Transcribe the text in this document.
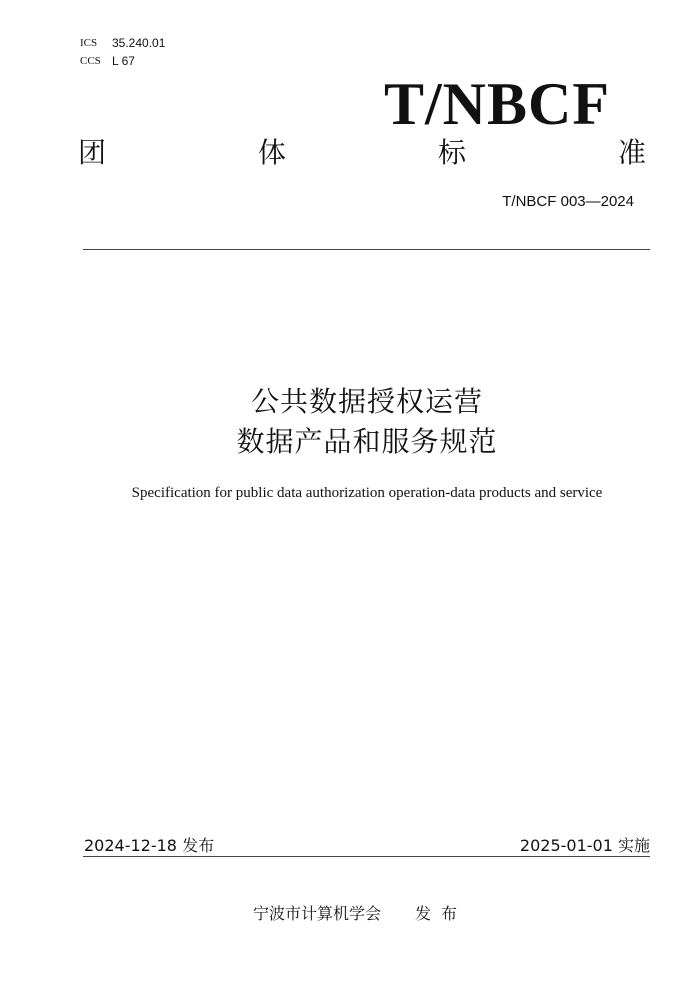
ICS	35.240.01
CCS L 67
T/NBCF
团	体	标	准
T/NBCF 003—2024
公共数据授权运营
数据产品和服务规范
Specification for public data authorization operation-data products and service
2024-12-18 发布	2025-01-01 实施
宁波市计算机学会 发布
